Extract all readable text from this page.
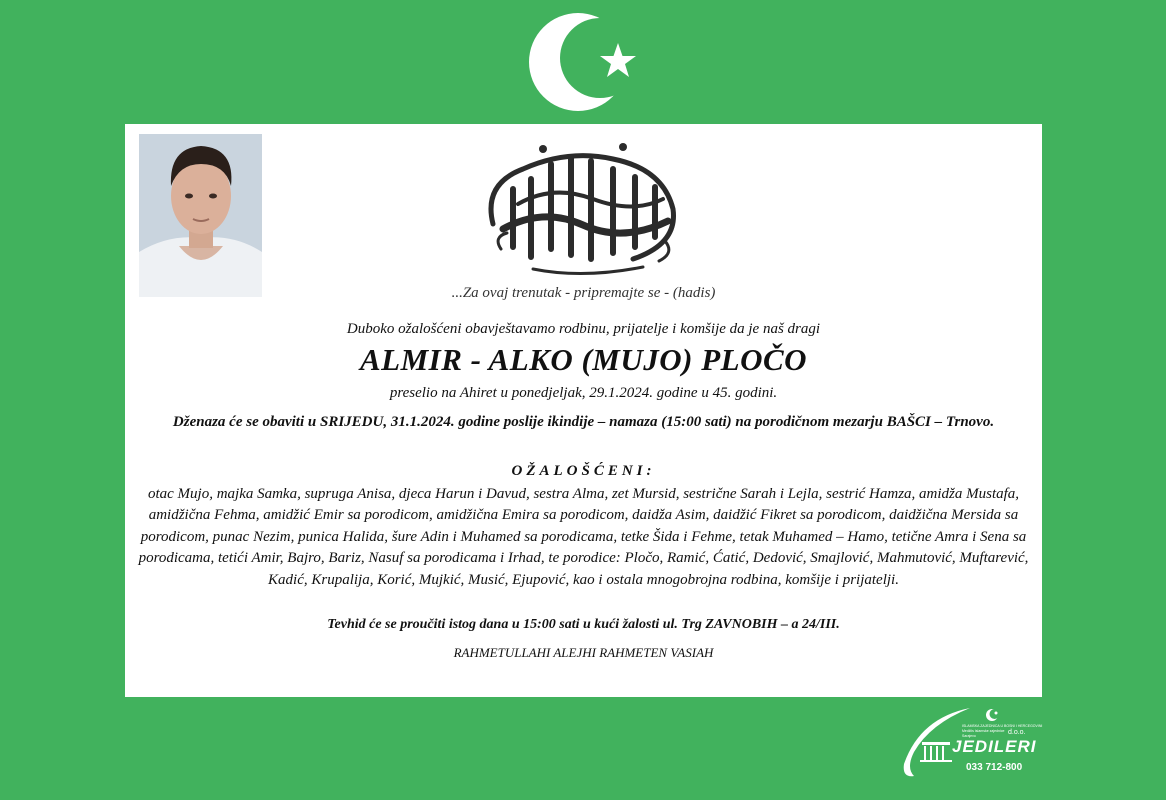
...Za ovaj trenutak - pripremajte se - (hadis)
Duboko ožalošćeni obavještavamo rodbinu, prijatelje i komšije da je naš dragi
ALMIR - ALKO (MUJO) PLOČO
preselio na Ahiret u ponedjeljak, 29.1.2024. godine u 45. godini.
Dženaza će se obaviti u SRIJEDU, 31.1.2024. godine poslije ikindije – namaza (15:00 sati) na porodičnom mezarju BAŠCI – Trnovo.
OŽALOŠĆENI:
otac Mujo, majka Samka, supruga Anisa, djeca Harun i Davud, sestra Alma, zet Mursid, sestrične Sarah i Lejla, sestrić Hamza, amidža Mustafa, amidžična Fehma, amidžić Emir sa porodicom, amidžična Emira sa porodicom, daidža Asim, daidžić Fikret sa porodicom, daidžična Mersida sa porodicom, punac Nezim, punica Halida, šure Adin i Muhamed sa porodicama, tetke Šida i Fehme, tetak Muhamed – Hamo, tetične Amra i Sena sa porodicama, tetići Amir, Bajro, Bariz, Nasuf sa porodicama i Irhad, te porodice: Pločo, Ramić, Ćatić, Dedović, Smajlović, Mahmutović, Muftarević, Kadić, Krupalija, Korić, Mujkić, Musić, Ejupović, kao i ostala mnogobrojna rodbina, komšije i prijatelji.
Tevhid će se proučiti istog dana u 15:00 sati u kući žalosti ul. Trg ZAVNOBIH – a 24/III.
RAHMETULLAHI ALEJHI RAHMETEN VASIAH
ISLAMSKA ZAJEDNICA U BOSNI I HERCEGOVINI
Medžlis Islamske zajednice
Sarajevo	d.o.o.
JEDILERI
033 712-800
